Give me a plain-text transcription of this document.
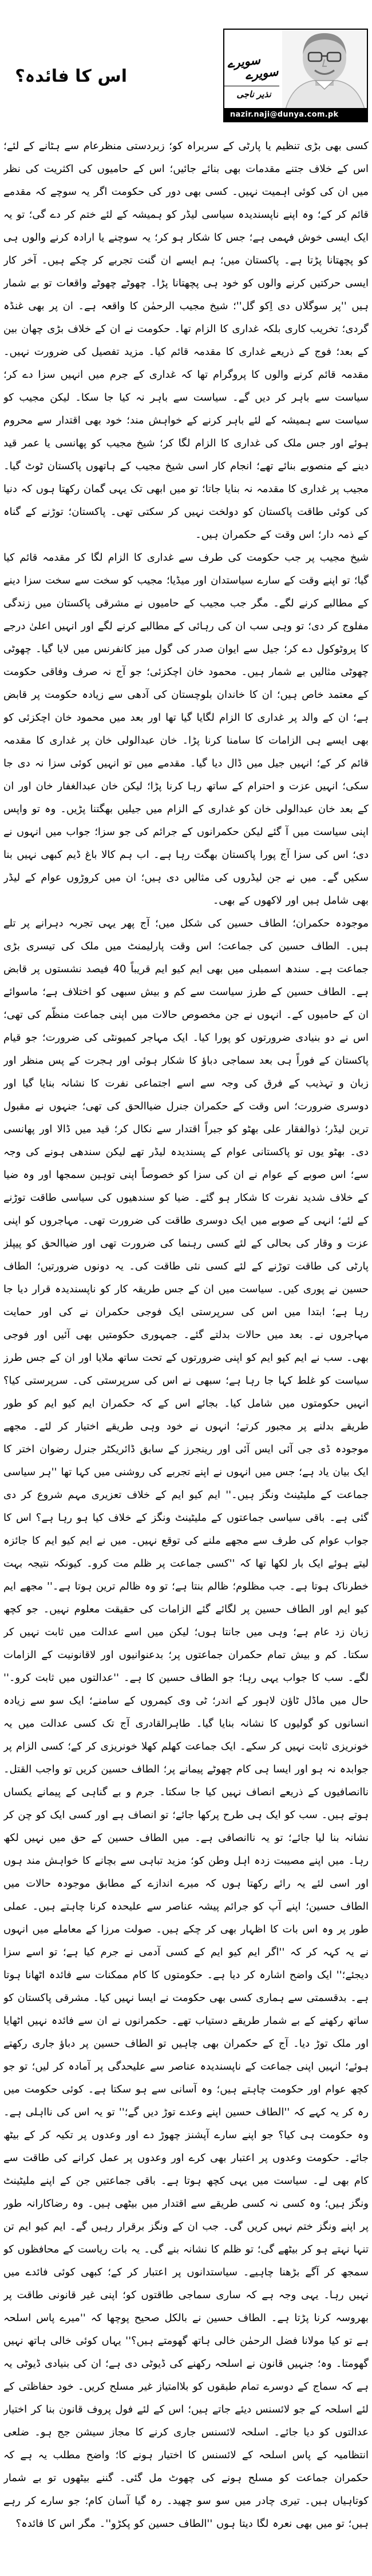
اس کا فائدہ؟
سویرے
سویرے
نذیر ناجی
nazir.naji@dunya.com.pk

کسی بھی بڑی تنظیم یا پارٹی کے سربراہ کو؛ زبردستی منظرعام سے ہٹانے کے لئے؛ اس کے خلاف جتنے مقدمات بھی بنائے جائیں؛ اس کے حامیوں کی اکثریت کی نظر میں ان کی کوئی اہمیت نہیں۔ کسی بھی دور کی حکومت اگر یہ سوچے کہ مقدمے قائم کر کے؛ وہ اپنے ناپسندیدہ سیاسی لیڈر کو ہمیشہ کے لئے ختم کر دے گی؛ تو یہ ایک ایسی خوش فہمی ہے؛ جس کا شکار ہو کر؛ یہ سوچنے یا ارادہ کرنے والوں ہی کو پچھتانا پڑتا ہے۔ پاکستان میں؛ ہم ایسے ان گنت تجربے کر چکے ہیں۔ آخر کار ایسی حرکتیں کرنے والوں کو خود ہی پچھتانا پڑا۔ چھوٹے چھوٹے واقعات تو بے شمار ہیں ''پر سوگلاں دی اِکو گل''؛ شیخ مجیب الرحمٰن کا واقعہ ہے۔ ان پر بھی غنڈہ گردی؛ تخریب کاری بلکہ غداری کا الزام تھا۔ حکومت نے ان کے خلاف بڑی چھان بین کے بعد؛ فوج کے ذریعے غداری کا مقدمہ قائم کیا۔ مزید تفصیل کی ضرورت نہیں۔ مقدمہ قائم کرنے والوں کا پروگرام تھا کہ غداری کے جرم میں انہیں سزا دے کر؛ سیاست سے باہر کر دیں گے۔ سیاست سے باہر نہ کیا جا سکا۔ لیکن مجیب کو سیاست سے ہمیشہ کے لئے باہر کرنے کے خواہش مند؛ خود بھی اقتدار سے محروم ہوئے اور جس ملک کی غداری کا الزام لگا کر؛ شیخ مجیب کو پھانسی یا عمر قید دینے کے منصوبے بنائے تھے؛ انجام کار اسی شیخ مجیب کے ہاتھوں پاکستان ٹوٹ گیا۔ مجیب پر غداری کا مقدمہ نہ بنایا جاتا؛ تو میں ابھی تک یہی گمان رکھتا ہوں کہ دنیا کی کوئی طاقت پاکستان کو دولخت نہیں کر سکتی تھی۔ پاکستان؛ توڑنے کے گناہ کے ذمہ دار؛ اس وقت کے حکمران ہیں۔

شیخ مجیب پر جب حکومت کی طرف سے غداری کا الزام لگا کر مقدمہ قائم کیا گیا؛ تو اپنے وقت کے سارے سیاستدان اور میڈیا؛ مجیب کو سخت سے سخت سزا دینے کے مطالبے کرنے لگے۔ مگر جب مجیب کے حامیوں نے مشرقی پاکستان میں زندگی مفلوج کر دی؛ تو وہی سب ان کی رہائی کے مطالبے کرنے لگے اور انہیں اعلیٰ درجے کا پروٹوکول دے کر؛ جیل سے ایوان صدر کی گول میز کانفرنس میں لایا گیا۔ چھوٹی چھوٹی مثالیں بے شمار ہیں۔ محمود خان اچکزئی؛ جو آج نہ صرف وفاقی حکومت کے معتمد خاص ہیں؛ ان کا خاندان بلوچستان کی آدھی سے زیادہ حکومت پر قابض ہے؛ ان کے والد پر غداری کا الزام لگایا گیا تھا اور بعد میں محمود خان اچکزئی کو بھی ایسے ہی الزامات کا سامنا کرنا پڑا۔ خان عبدالولی خان پر غداری کا مقدمہ قائم کر کے؛ انہیں جیل میں ڈال دیا گیا۔ مقدمے میں تو انہیں کوئی سزا نہ دی جا سکی؛ انہیں عزت و احترام کے ساتھ رہا کرنا پڑا؛ لیکن خان عبدالغفار خان اور ان کے بعد خان عبدالولی خان کو غداری کے الزام میں جیلیں بھگتنا پڑیں۔ وہ تو واپس اپنی سیاست میں آ گئے لیکن حکمرانوں کے جرائم کی جو سزا؛ جواب میں انہوں نے دی؛ اس کی سزا آج پورا پاکستان بھگت رہا ہے۔ اب ہم کالا باغ ڈیم کبھی نہیں بنا سکیں گے۔ میں نے جن لیڈروں کی مثالیں دی ہیں؛ ان میں کروڑوں عوام کے لیڈر بھی شامل ہیں اور لاکھوں کے بھی۔

موجودہ حکمران؛ الطاف حسین کی شکل میں؛ آج پھر یہی تجربہ دہرانے پر تلے ہیں۔ الطاف حسین کی جماعت؛ اس وقت پارلیمنٹ میں ملک کی تیسری بڑی جماعت ہے۔ سندھ اسمبلی میں بھی ایم کیو ایم قریباً 40 فیصد نشستوں پر قابض ہے۔ الطاف حسین کے طرز سیاست سے کم و بیش سبھی کو اختلاف ہے؛ ماسوائے ان کے حامیوں کے۔ انہوں نے جن مخصوص حالات میں اپنی جماعت منظّم کی تھی؛ اس نے دو بنیادی ضرورتوں کو پورا کیا۔ ایک مہاجر کمیونٹی کی ضرورت؛ جو قیام پاکستان کے فوراً ہی بعد سماجی دباؤ کا شکار ہوئی اور ہجرت کے پس منظر اور زبان و تہذیب کے فرق کی وجہ سے اسے اجتماعی نفرت کا نشانہ بنایا گیا اور دوسری ضرورت؛ اس وقت کے حکمران جنرل ضیاالحق کی تھی؛ جنہوں نے مقبول ترین لیڈر؛ ذوالفقار علی بھٹو کو جبراً اقتدار سے نکال کر؛ قید میں ڈالا اور پھانسی دی۔ بھٹو یوں تو پاکستانی عوام کے پسندیدہ لیڈر تھے لیکن سندھی ہونے کی وجہ سے؛ اس صوبے کے عوام نے ان کی سزا کو خصوصاً اپنی توہین سمجھا اور وہ ضیا کے خلاف شدید نفرت کا شکار ہو گئے۔ ضیا کو سندھیوں کی سیاسی طاقت توڑنے کے لئے؛ انہی کے صوبے میں ایک دوسری طاقت کی ضرورت تھی۔ مہاجروں کو اپنی عزت و وقار کی بحالی کے لئے کسی رہنما کی ضرورت تھی اور ضیاالحق کو پیپلز پارٹی کی طاقت توڑنے کے لئے کسی نئی طاقت کی۔ یہ دونوں ضرورتیں؛ الطاف حسین نے پوری کیں۔ سیاست میں ان کے جس طریقہ کار کو ناپسندیدہ قرار دیا جا رہا ہے؛ ابتدا میں اس کی سرپرستی ایک فوجی حکمران نے کی اور حمایت مہاجروں نے۔ بعد میں حالات بدلتے گئے۔ جمہوری حکومتیں بھی آئیں اور فوجی بھی۔ سب نے ایم کیو ایم کو اپنی ضرورتوں کے تحت ساتھ ملایا اور ان کے جس طرز سیاست کو غلط کہا جا رہا ہے؛ سبھی نے اس کی سرپرستی کی۔ سرپرستی کیا؟ انہیں حکومتوں میں شامل کیا۔ بجائے اس کے کہ حکمران ایم کیو ایم کو طور طریقے بدلنے پر مجبور کرتے؛ انہوں نے خود وہی طریقے اختیار کر لئے۔ مجھے موجودہ ڈی جی آئی ایس آئی اور رینجرز کے سابق ڈائریکٹر جنرل رضوان اختر کا ایک بیان یاد ہے؛ جس میں انہوں نے اپنے تجربے کی روشنی میں کہا تھا ''ہر سیاسی جماعت کے ملیٹینٹ ونگز ہیں۔'' ایم کیو ایم کے خلاف تعزیری مہم شروع کر دی گئی ہے۔ باقی سیاسی جماعتوں کے ملیٹینٹ ونگز کے خلاف کیا ہو رہا ہے؟ اس کا جواب عوام کی طرف سے مجھے ملنے کی توقع نہیں۔ میں نے ایم کیو ایم کا جائزہ لیتے ہوئے ایک بار لکھا تھا کہ ''کسی جماعت پر ظلم مت کرو۔ کیونکہ نتیجہ بہت خطرناک ہوتا ہے۔ جب مظلوم؛ ظالم بنتا ہے؛ تو وہ ظالم ترین ہوتا ہے۔'' مجھے ایم کیو ایم اور الطاف حسین پر لگائے گئے الزامات کی حقیقت معلوم نہیں۔ جو کچھ زبان زد عام ہے؛ وہی میں جانتا ہوں؛ لیکن میں اسے عدالت میں ثابت نہیں کر سکتا۔ کم و بیش تمام حکمران جماعتوں پر؛ بدعنوانیوں اور لاقانونیت کے الزامات لگے۔ سب کا جواب یہی رہا؛ جو الطاف حسین کا ہے۔ ''عدالتوں میں ثابت کرو۔'' حال میں ماڈل ٹاؤن لاہور کے اندر؛ ٹی وی کیمروں کے سامنے؛ ایک سو سے زیادہ انسانوں کو گولیوں کا نشانہ بنایا گیا۔ طاہرالقادری آج تک کسی عدالت میں یہ خونریزی ثابت نہیں کر سکے۔ ایک جماعت کھلم کھلا خونریزی کر کے؛ کسی الزام پر جوابدہ نہ ہو اور ایسا ہی کام چھوٹے پیمانے پر؛ الطاف حسین کریں تو واجب القتل۔ ناانصافیوں کے ذریعے انصاف نہیں کیا جا سکتا۔ جرم و بے گناہی کے پیمانے یکساں ہوتے ہیں۔ سب کو ایک ہی طرح پرکھا جائے؛ تو انصاف ہے اور کسی ایک کو چن کر نشانہ بنا لیا جائے؛ تو یہ ناانصافی ہے۔ میں الطاف حسین کے حق میں نہیں لکھ رہا۔ میں اپنے مصیبت زدہ اہل وطن کو؛ مزید تباہی سے بچانے کا خواہش مند ہوں اور اسی لئے یہ رائے رکھتا ہوں کہ میرے اندازے کے مطابق موجودہ حالات میں الطاف حسین؛ اپنے آپ کو جرائم پیشہ عناصر سے علیحدہ کرنا چاہتے ہیں۔ عملی طور پر وہ اس بات کا اظہار بھی کر چکے ہیں۔ صولت مرزا کے معاملے میں انہوں نے یہ کہہ کر کہ ''اگر ایم کیو ایم کے کسی آدمی نے جرم کیا ہے؛ تو اسے سزا دیجئے؛'' ایک واضح اشارہ کر دیا ہے۔ حکومتوں کا کام ممکنات سے فائدہ اٹھانا ہوتا ہے۔ بدقسمتی سے ہماری کسی بھی حکومت نے ایسا نہیں کیا۔ مشرقی پاکستان کو ساتھ رکھنے کے بے شمار طریقے دستیاب تھے۔ حکمرانوں نے ان سے فائدہ نہیں اٹھایا اور ملک توڑ دیا۔ آج کے حکمران بھی چاہیں تو الطاف حسین پر دباؤ جاری رکھتے ہوئے؛ انہیں اپنی جماعت کے ناپسندیدہ عناصر سے علیحدگی پر آمادہ کر لیں؛ تو جو کچھ عوام اور حکومت چاہتے ہیں؛ وہ آسانی سے ہو سکتا ہے۔ کوئی حکومت میں رہ کر یہ کہے کہ ''الطاف حسین اپنے وعدے توڑ دیں گے؛'' تو یہ اس کی نااہلی ہے۔ وہ حکومت ہی کیا؟ جو اپنے سارے آپشنز چھوڑ دے اور وعدوں پر تکیہ کر کے بیٹھ جائے۔ حکومت وعدوں پر اعتبار بھی کرے اور وعدوں پر عمل کرانے کی طاقت سے کام بھی لے۔ سیاست میں یہی کچھ ہوتا ہے۔ باقی جماعتیں جن کے اپنے ملیٹینٹ ونگز ہیں؛ وہ کسی نہ کسی طریقے سے اقتدار میں بیٹھی ہیں۔ وہ رضاکارانہ طور پر اپنے ونگز ختم نہیں کریں گی۔ جب ان کے ونگز برقرار رہیں گے۔ ایم کیو ایم تن تنہا نہتے ہو کر بیٹھے گی؛ تو ظلم کا نشانہ بنے گی۔ یہ بات ریاست کے محافظوں کو سمجھ کر آگے بڑھنا چاہیے۔ سیاستدانوں پر اعتبار کر کے؛ کبھی کوئی فائدے میں نہیں رہا۔ یہی وجہ ہے کہ ساری سماجی طاقتوں کو؛ اپنی غیر قانونی طاقت پر بھروسہ کرنا پڑتا ہے۔ الطاف حسین نے بالکل صحیح پوچھا کہ ''میرے پاس اسلحہ ہے تو کیا مولانا فضل الرحمٰن خالی ہاتھ گھومتے ہیں؟'' یہاں کوئی خالی ہاتھ نہیں گھومتا۔ وہ؛ جنہیں قانون نے اسلحہ رکھنے کی ڈیوٹی دی ہے؛ ان کی بنیادی ڈیوٹی یہ ہے کہ سماج کے دوسرے تمام طبقوں کو بلاامتیاز غیر مسلح کریں۔ خود حفاظتی کے لئے اسلحہ کے جو لائسنس دیئے جاتے ہیں؛ اس کے لئے فول پروف قانون بنا کر اختیار عدالتوں کو دیا جائے۔ اسلحہ لائسنس جاری کرنے کا مجاز سیشن جج ہو۔ ضلعی انتظامیہ کے پاس اسلحہ کے لائسنس کا اختیار ہونے کا؛ واضح مطلب یہ ہے کہ حکمران جماعت کو مسلح ہونے کی چھوٹ مل گئی۔ گننے بیٹھوں تو بے شمار کوتاہیاں ہیں۔ تیری چادر میں سو سو چھید۔ رہ گیا آسان کام؛ جو سارے کر رہے ہیں؛ تو میں بھی نعرہ لگا دیتا ہوں ''الطاف حسین کو پکڑو''۔ مگر اس کا فائدہ؟
